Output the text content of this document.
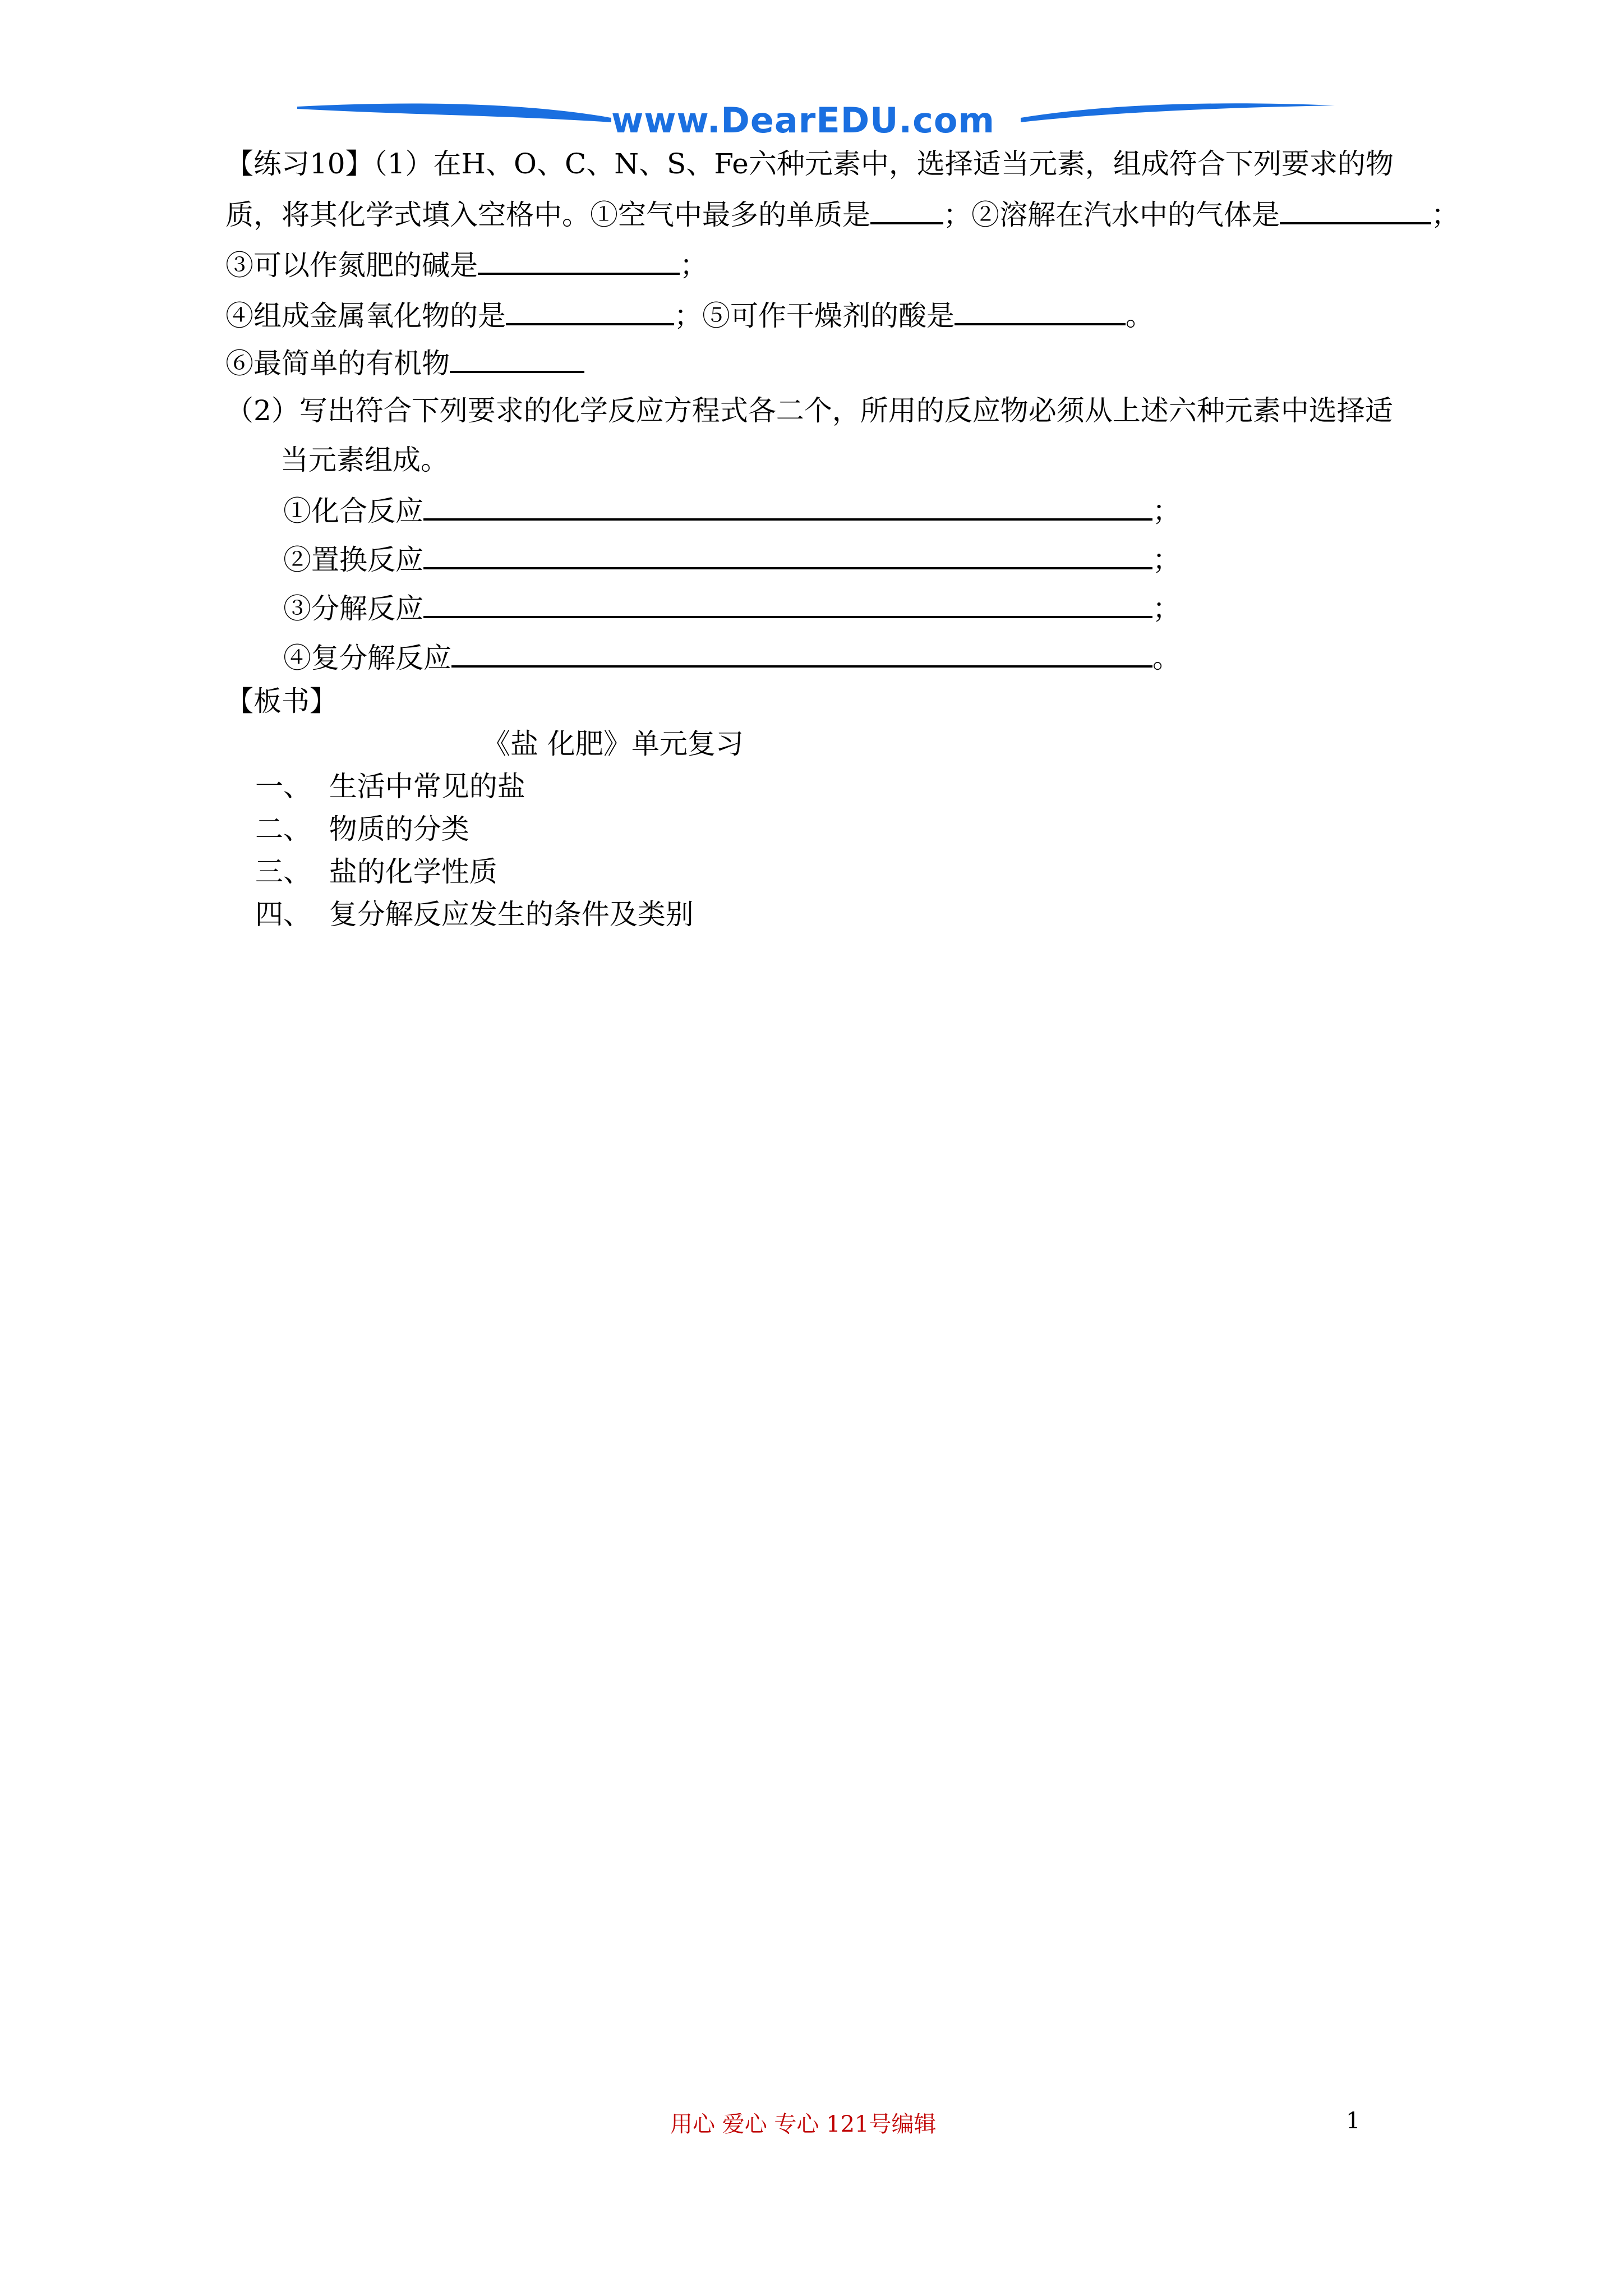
www.DearEDU.com
【练习10】（1）在H、O、C、N、S、Fe六种元素中，选择适当元素，组成符合下列要求的物
质，将其化学式填入空格中。①空气中最多的单质是	；②溶解在汽水中的气体是	；
③可以作氮肥的碱是	；
④组成金属氧化物的是	；⑤可作干燥剂的酸是	。
⑥最简单的有机物
（2）写出符合下列要求的化学反应方程式各二个，所用的反应物必须从上述六种元素中选择适
当元素组成。
①化合反应	；
②置换反应	；
③分解反应	；
④复分解反应	。
【板书】
《盐 化肥》单元复习
一、 生活中常见的盐
二、 物质的分类
三、 盐的化学性质
四、 复分解反应发生的条件及类别
用心 爱心 专心 121号编辑	1
